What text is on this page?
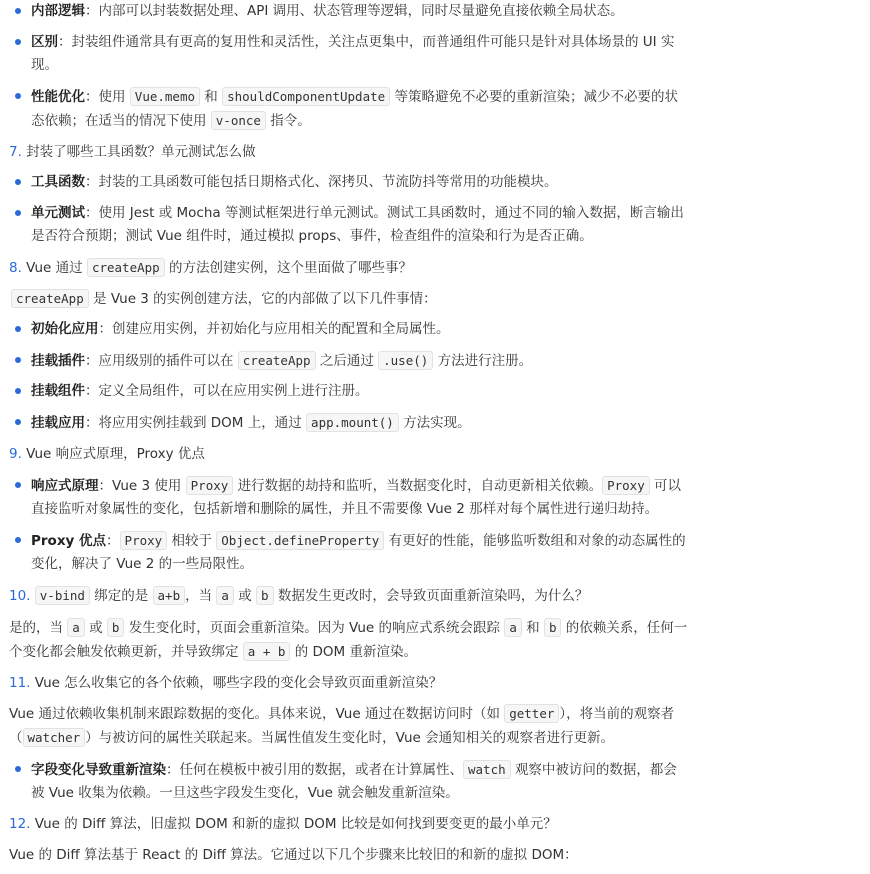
内部逻辑：内部可以封装数据处理、API 调用、状态管理等逻辑，同时尽量避免直接依赖全局状态。
区别：封装组件通常具有更高的复用性和灵活性，关注点更集中，而普通组件可能只是针对具体场景的 UI 实
现。
性能优化：使用 Vue.memo 和 shouldComponentUpdate 等策略避免不必要的重新渲染；减少不必要的状
态依赖；在适当的情况下使用 v-once 指令。
7. 封装了哪些工具函数？单元测试怎么做
工具函数：封装的工具函数可能包括日期格式化、深拷贝、节流防抖等常用的功能模块。
单元测试：使用 Jest 或 Mocha 等测试框架进行单元测试。测试工具函数时，通过不同的输入数据，断言输出
是否符合预期；测试 Vue 组件时，通过模拟 props、事件，检查组件的渲染和行为是否正确。
8. Vue 通过 createApp 的方法创建实例，这个里面做了哪些事？
createApp 是 Vue 3 的实例创建方法，它的内部做了以下几件事情：
初始化应用：创建应用实例，并初始化与应用相关的配置和全局属性。
挂载插件：应用级别的插件可以在 createApp 之后通过 .use() 方法进行注册。
挂载组件：定义全局组件，可以在应用实例上进行注册。
挂载应用：将应用实例挂载到 DOM 上，通过 app.mount() 方法实现。
9. Vue 响应式原理，Proxy 优点
响应式原理：Vue 3 使用 Proxy 进行数据的劫持和监听，当数据变化时，自动更新相关依赖。 Proxy 可以
直接监听对象属性的变化，包括新增和删除的属性，并且不需要像 Vue 2 那样对每个属性进行递归劫持。
Proxy 优点： Proxy 相较于 Object.defineProperty 有更好的性能，能够监听数组和对象的动态属性的
变化，解决了 Vue 2 的一些局限性。
10. v-bind 绑定的是 a+b ，当 a 或 b 数据发生更改时，会导致页面重新渲染吗，为什么？
是的，当 a 或 b 发生变化时，页面会重新渲染。因为 Vue 的响应式系统会跟踪 a 和 b 的依赖关系，任何一
个变化都会触发依赖更新，并导致绑定 a + b 的 DOM 重新渲染。
11. Vue 怎么收集它的各个依赖，哪些字段的变化会导致页面重新渲染？
Vue 通过依赖收集机制来跟踪数据的变化。具体来说，Vue 通过在数据访问时（如 getter ），将当前的观察者
（ watcher ）与被访问的属性关联起来。当属性值发生变化时，Vue 会通知相关的观察者进行更新。
字段变化导致重新渲染：任何在模板中被引用的数据，或者在计算属性、 watch 观察中被访问的数据，都会
被 Vue 收集为依赖。一旦这些字段发生变化，Vue 就会触发重新渲染。
12. Vue 的 Diff 算法，旧虚拟 DOM 和新的虚拟 DOM 比较是如何找到要变更的最小单元？
Vue 的 Diff 算法基于 React 的 Diff 算法。它通过以下几个步骤来比较旧的和新的虚拟 DOM：
